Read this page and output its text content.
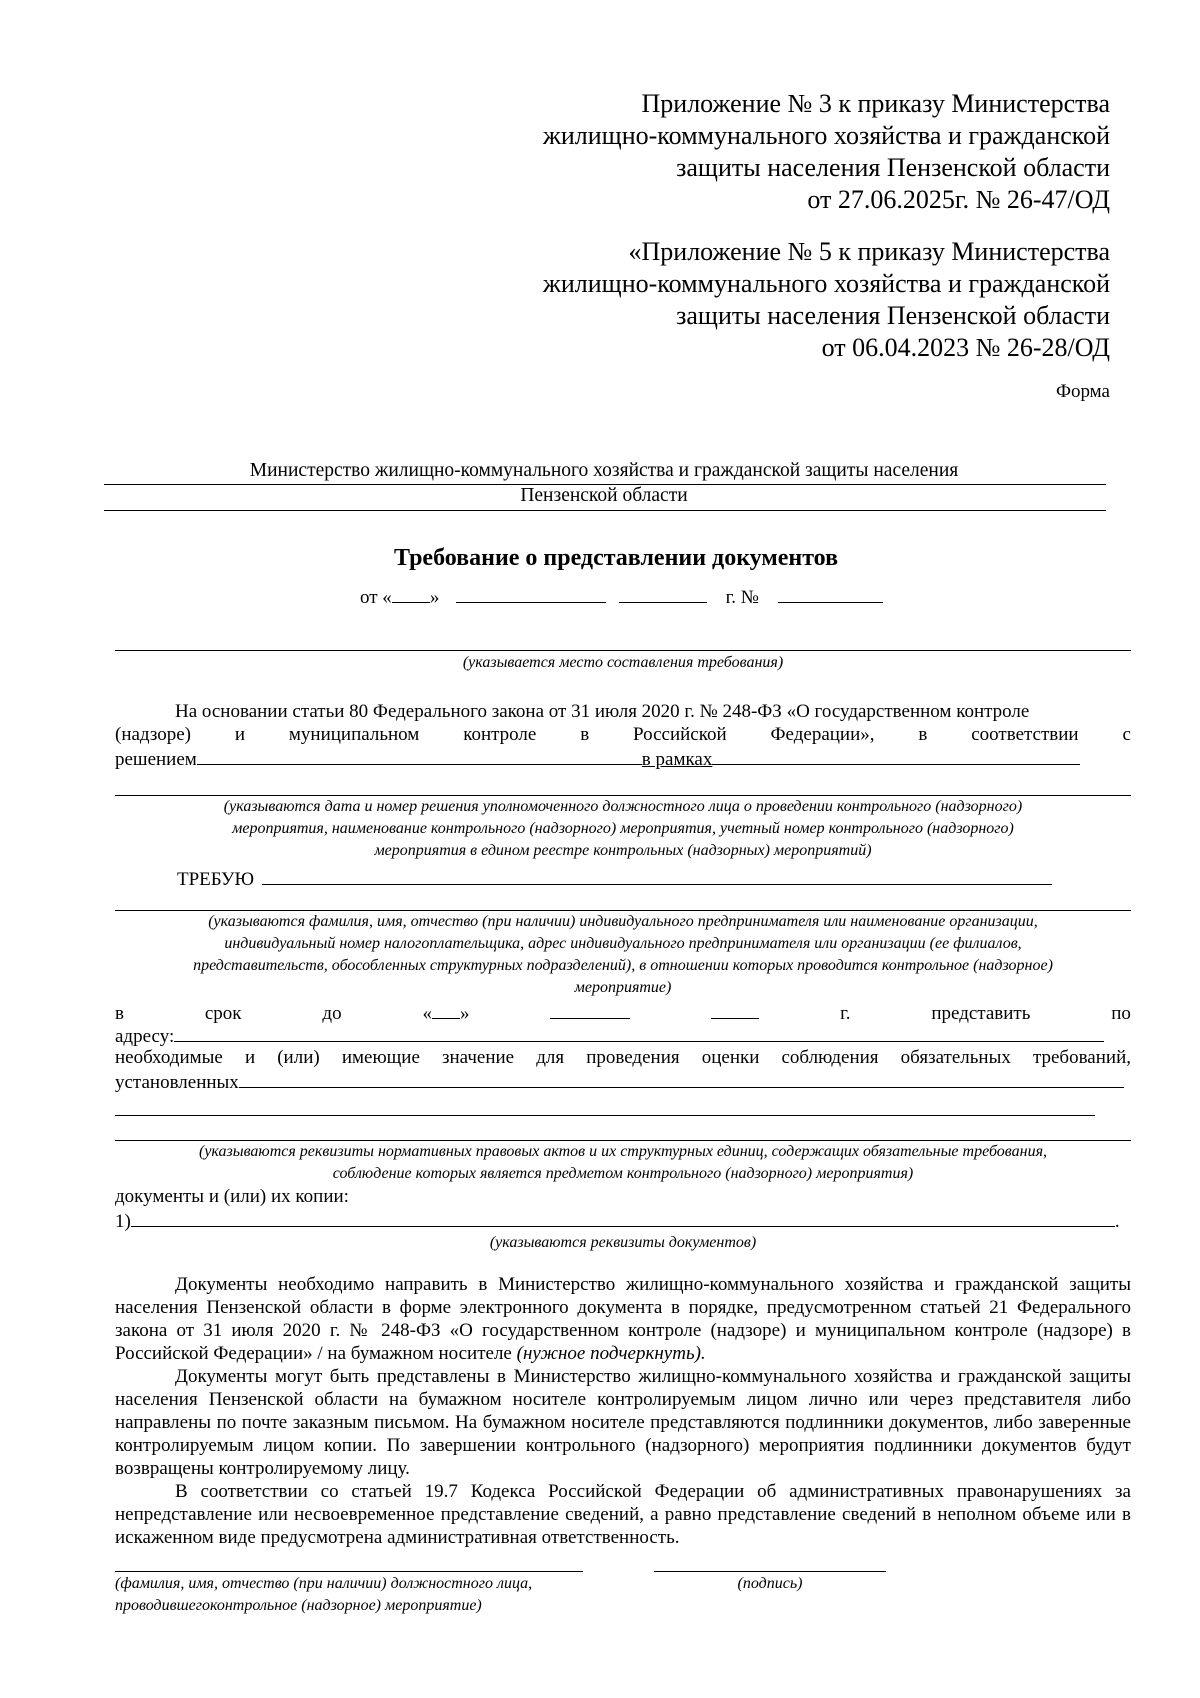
Приложение № 3 к приказу Министерства
жилищно-коммунального хозяйства и гражданской
защиты населения Пензенской области
от 27.06.2025г. № 26-47/ОД
«Приложение № 5 к приказу Министерства
жилищно-коммунального хозяйства и гражданской
защиты населения Пензенской области
от 06.04.2023 № 26-28/ОД
Форма
Министерство жилищно-коммунального хозяйства и гражданской защиты населения
Пензенской области
Требование о представлении документов
от « »	г. №
(указывается место составления требования)
На основании статьи 80 Федерального закона от 31 июля 2020 г. № 248-ФЗ «О государственном контроле
(надзоре) и муниципальном контроле в Российской Федерации», в соответствии с
решением	в рамках
(указываются дата и номер решения уполномоченного должностного лица о проведении контрольного (надзорного)
мероприятия, наименование контрольного (надзорного) мероприятия, учетный номер контрольного (надзорного)
мероприятия в едином реестре контрольных (надзорных) мероприятий)
ТРЕБУЮ
(указываются фамилия, имя, отчество (при наличии) индивидуального предпринимателя или наименование организации,
индивидуальный номер налогоплательщика, адрес индивидуального предпринимателя или организации (ее филиалов,
представительств, обособленных структурных подразделений), в отношении которых проводится контрольное (надзорное)
мероприятие)
в	срок	до	« »	г.	представить	по
адресу:
необходимые и (или) имеющие значение для проведения оценки соблюдения обязательных требований,
установленных
(указываются реквизиты нормативных правовых актов и их структурных единиц, содержащих обязательные требования,
соблюдение которых является предметом контрольного (надзорного) мероприятия)
документы и (или) их копии:
1)	.
(указываются реквизиты документов)

Документы необходимо направить в Министерство жилищно-коммунального хозяйства и гражданской защиты населения Пензенской области в форме электронного документа в порядке, предусмотренном статьей 21 Федерального закона от 31 июля 2020 г. № 248-ФЗ «О государственном контроле (надзоре) и муниципальном контроле (надзоре) в Российской Федерации» / на бумажном носителе (нужное подчеркнуть).

Документы могут быть представлены в Министерство жилищно-коммунального хозяйства и гражданской защиты населения Пензенской области на бумажном носителе контролируемым лицом лично или через представителя либо направлены по почте заказным письмом. На бумажном носителе представляются подлинники документов, либо заверенные контролируемым лицом копии. По завершении контрольного (надзорного) мероприятия подлинники документов будут возвращены контролируемому лицу.

В соответствии со статьей 19.7 Кодекса Российской Федерации об административных правонарушениях за непредставление или несвоевременное представление сведений, а равно представление сведений в неполном объеме или в искаженном виде предусмотрена административная ответственность.

(фамилия, имя, отчество (при наличии) должностного лица,
проводившегоконтрольное (надзорное) мероприятие)
(подпись)
